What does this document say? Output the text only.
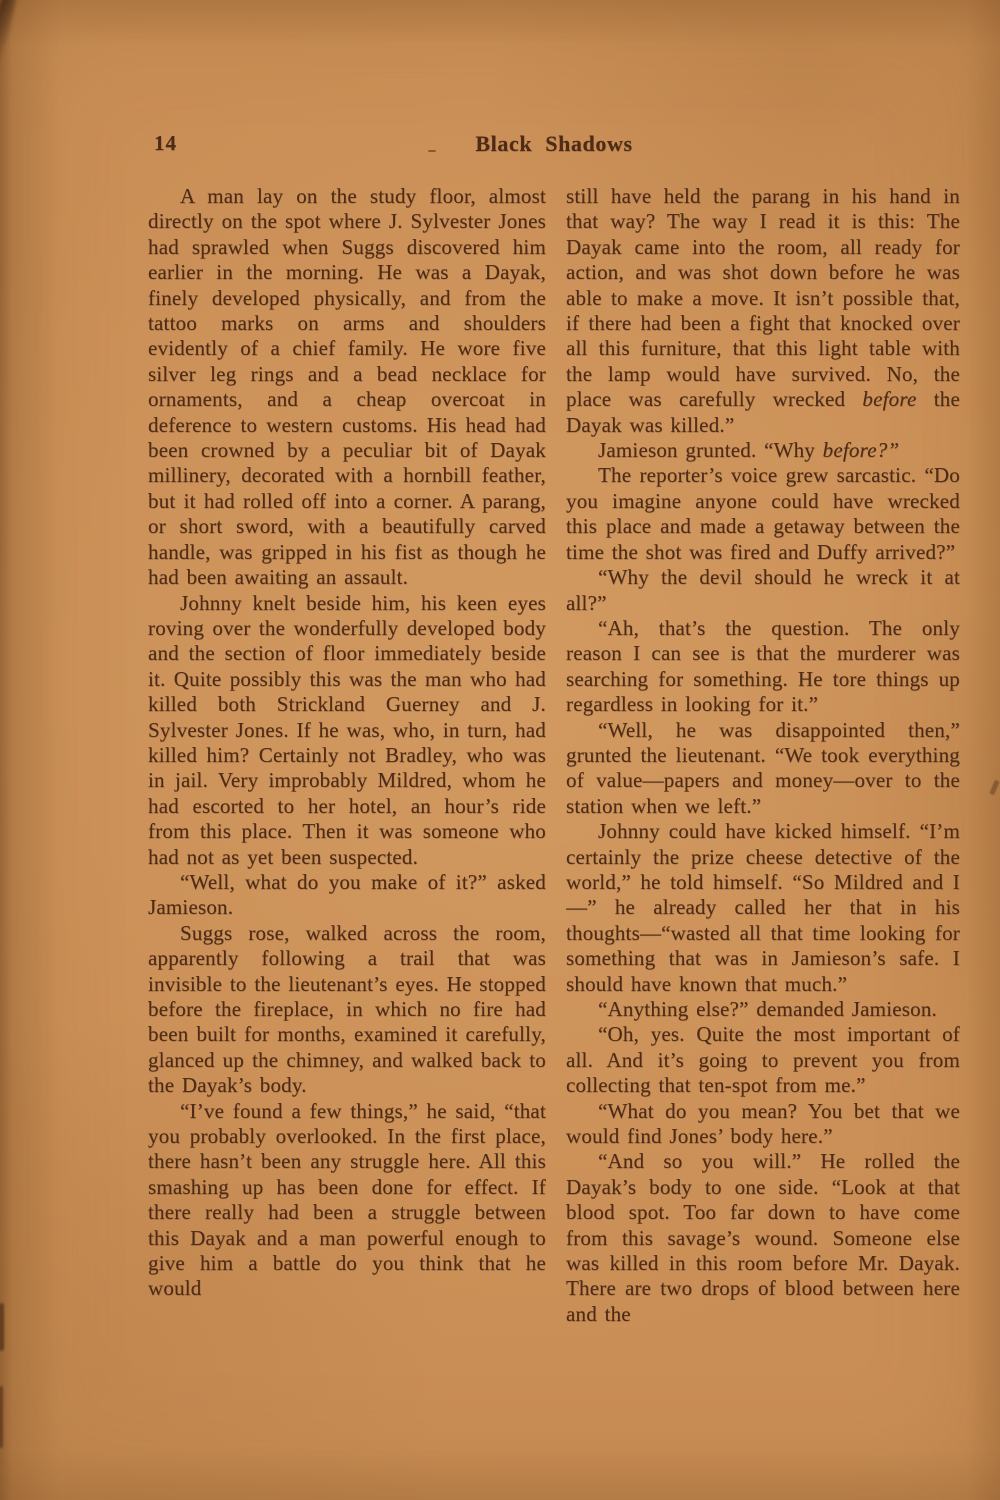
14	Black Shadows

A man lay on the study floor, almost directly on the spot where J. Sylvester Jones had sprawled when Suggs discovered him earlier in the morning. He was a Dayak, finely developed physically, and from the tattoo marks on arms and shoulders evidently of a chief family. He wore five silver leg rings and a bead necklace for ornaments, and a cheap overcoat in deference to western customs. His head had been crowned by a peculiar bit of Dayak millinery, decorated with a hornbill feather, but it had rolled off into a corner. A parang, or short sword, with a beautifully carved handle, was gripped in his fist as though he had been awaiting an assault.

Johnny knelt beside him, his keen eyes roving over the wonderfully developed body and the section of floor immediately beside it. Quite possibly this was the man who had killed both Strickland Guerney and J. Sylvester Jones. If he was, who, in turn, had killed him? Certainly not Bradley, who was in jail. Very improbably Mildred, whom he had escorted to her hotel, an hour’s ride from this place. Then it was someone who had not as yet been suspected.

“Well, what do you make of it?” asked Jamieson.

Suggs rose, walked across the room, apparently following a trail that was invisible to the lieutenant’s eyes. He stopped before the fireplace, in which no fire had been built for months, examined it carefully, glanced up the chimney, and walked back to the Dayak’s body.

“I’ve found a few things,” he said, “that you probably overlooked. In the first place, there hasn’t been any struggle here. All this smashing up has been done for effect. If there really had been a struggle between this Dayak and a man powerful enough to give him a battle do you think that he would

still have held the parang in his hand in that way? The way I read it is this: The Dayak came into the room, all ready for action, and was shot down before he was able to make a move. It isn’t possible that, if there had been a fight that knocked over all this furniture, that this light table with the lamp would have survived. No, the place was carefully wrecked before the Dayak was killed.”

Jamieson grunted. “Why before?”

The reporter’s voice grew sarcastic. “Do you imagine anyone could have wrecked this place and made a getaway between the time the shot was fired and Duffy arrived?”

“Why the devil should he wreck it at all?”

“Ah, that’s the question. The only reason I can see is that the murderer was searching for something. He tore things up regardless in looking for it.”

“Well, he was disappointed then,” grunted the lieutenant. “We took everything of value—papers and money—over to the station when we left.”

Johnny could have kicked himself. “I’m certainly the prize cheese detective of the world,” he told himself. “So Mildred and I—” he already called her that in his thoughts—“wasted all that time looking for something that was in Jamieson’s safe. I should have known that much.”

“Anything else?” demanded Jamieson.

“Oh, yes. Quite the most important of all. And it’s going to prevent you from collecting that ten-spot from me.”

“What do you mean? You bet that we would find Jones’ body here.”

“And so you will.” He rolled the Dayak’s body to one side. “Look at that blood spot. Too far down to have come from this savage’s wound. Someone else was killed in this room before Mr. Dayak. There are two drops of blood between here and the
